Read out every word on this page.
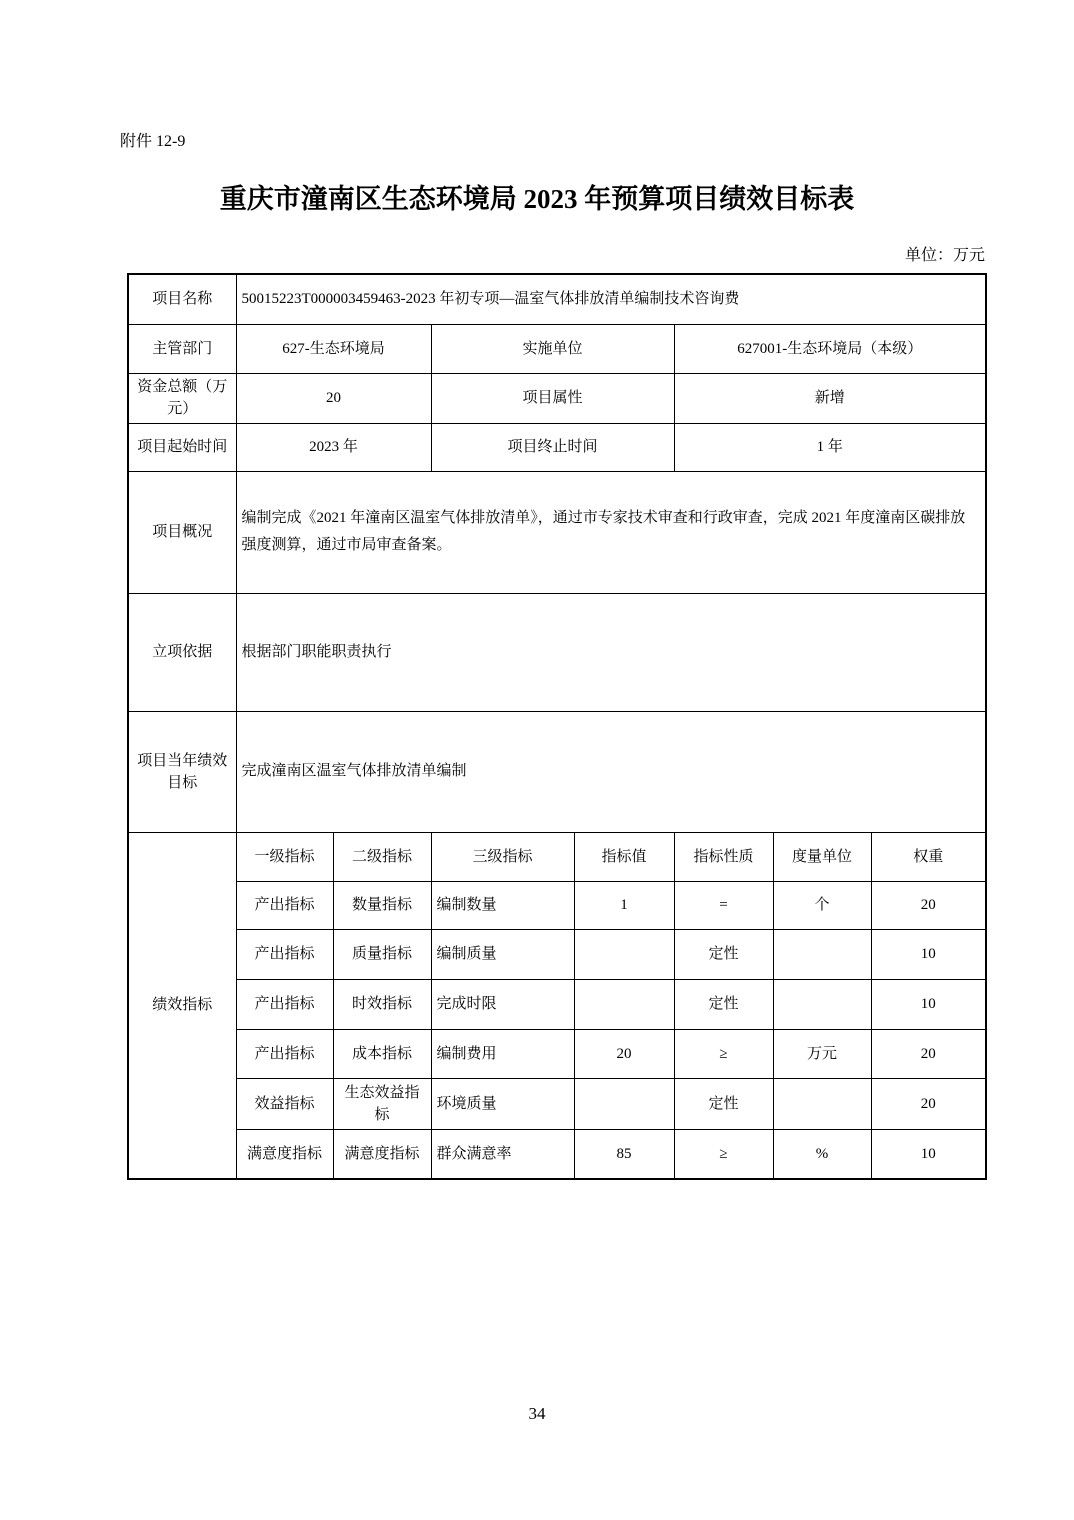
附件 12-9
重庆市潼南区生态环境局 2023 年预算项目绩效目标表
单位：万元
项目名称	50015223T000003459463-2023 年初专项—温室气体排放清单编制技术咨询费						
主管部门	627-生态环境局		实施单位		627001-生态环境局（本级）		
资金总额（万元）	20		项目属性		新增		
项目起始时间	2023 年		项目终止时间		1 年		
项目概况	编制完成《2021 年潼南区温室气体排放清单》，通过市专家技术审查和行政审查，完成 2021 年度潼南区碳排放强度测算，通过市局审查备案。						
立项依据	根据部门职能职责执行						
项目当年绩效目标	完成潼南区温室气体排放清单编制						
绩效指标	一级指标	二级指标	三级指标	指标值	指标性质	度量单位	权重
	产出指标	数量指标	编制数量	1	=	个	20
	产出指标	质量指标	编制质量		定性		10
	产出指标	时效指标	完成时限		定性		10
	产出指标	成本指标	编制费用	20	≥	万元	20
	效益指标	生态效益指标	环境质量		定性		20
	满意度指标	满意度指标	群众满意率	85	≥	%	10
34
